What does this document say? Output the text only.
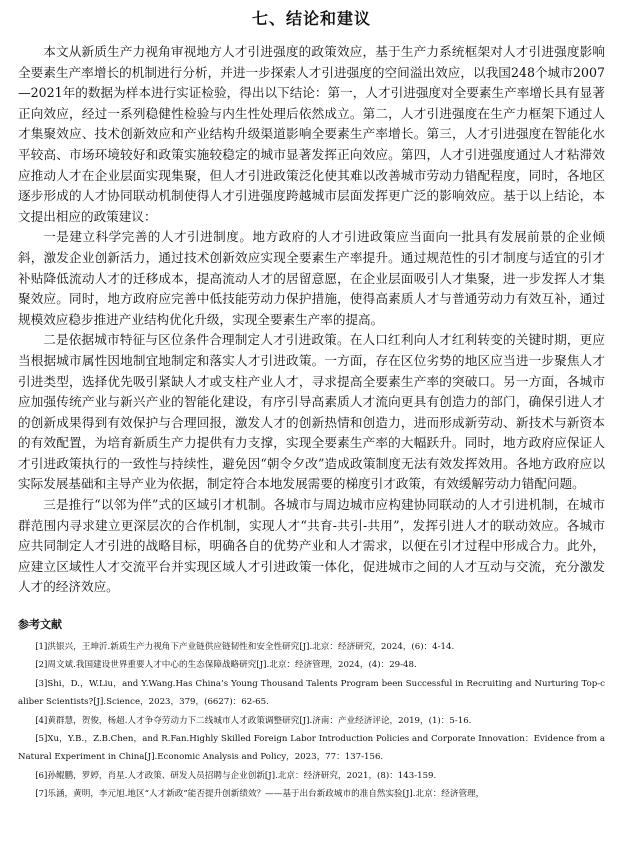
七、结论和建议

本文从新质生产力视角审视地方人才引进强度的政策效应，基于生产力系统框架对人才引进强度影响全要素生产率增长的机制进行分析，并进一步探索人才引进强度的空间溢出效应，以我国248个城市2007—2021年的数据为样本进行实证检验，得出以下结论：第一，人才引进强度对全要素生产率增长具有显著正向效应，经过一系列稳健性检验与内生性处理后依然成立。第二，人才引进强度在生产力框架下通过人才集聚效应、技术创新效应和产业结构升级渠道影响全要素生产率增长。第三，人才引进强度在智能化水平较高、市场环境较好和政策实施较稳定的城市显著发挥正向效应。第四，人才引进强度通过人才粘滞效应推动人才在企业层面实现集聚，但人才引进政策泛化使其难以改善城市劳动力错配程度，同时，各地区逐步形成的人才协同联动机制使得人才引进强度跨越城市层面发挥更广泛的影响效应。基于以上结论，本文提出相应的政策建议：

一是建立科学完善的人才引进制度。地方政府的人才引进政策应当面向一批具有发展前景的企业倾斜，激发企业创新活力，通过技术创新效应实现全要素生产率提升。通过规范性的引才制度与适宜的引才补贴降低流动人才的迁移成本，提高流动人才的居留意愿，在企业层面吸引人才集聚，进一步发挥人才集聚效应。同时，地方政府应完善中低技能劳动力保护措施，使得高素质人才与普通劳动力有效互补，通过规模效应稳步推进产业结构优化升级，实现全要素生产率的提高。

二是依据城市特征与区位条件合理制定人才引进政策。在人口红利向人才红利转变的关键时期，更应当根据城市属性因地制宜地制定和落实人才引进政策。一方面，存在区位劣势的地区应当进一步聚焦人才引进类型，选择优先吸引紧缺人才或支柱产业人才，寻求提高全要素生产率的突破口。另一方面，各城市应加强传统产业与新兴产业的智能化建设，有序引导高素质人才流向更具有创造力的部门，确保引进人才的创新成果得到有效保护与合理回报，激发人才的创新热情和创造力，进而形成新劳动、新技术与新资本的有效配置，为培育新质生产力提供有力支撑，实现全要素生产率的大幅跃升。同时，地方政府应保证人才引进政策执行的一致性与持续性，避免因“朝令夕改”造成政策制度无法有效发挥效用。各地方政府应以实际发展基础和主导产业为依据，制定符合本地发展需要的梯度引才政策，有效缓解劳动力错配问题。

三是推行“以邻为伴”式的区域引才机制。各城市与周边城市应构建协同联动的人才引进机制，在城市群范围内寻求建立更深层次的合作机制，实现人才“共育-共引-共用”，发挥引进人才的联动效应。各城市应共同制定人才引进的战略目标，明确各自的优势产业和人才需求，以便在引才过程中形成合力。此外，应建立区域性人才交流平台并实现区域人才引进政策一体化，促进城市之间的人才互动与交流，充分激发人才的经济效应。

参考文献

[1]洪银兴，王坤沂.新质生产力视角下产业链供应链韧性和安全性研究[J].北京：经济研究，2024，(6)：4-14.

[2]周文斌.我国建设世界重要人才中心的生态保障战略研究[J].北京：经济管理，2024，(4)：29-48.

[3]Shi，D.，W.Liu，and Y.Wang.Has China’s Young Thousand Talents Program been Successful in Recruiting and Nurturing Top-caliber Scientists?[J].Science，2023，379，(6627)：62-65.

[4]黄群慧，贺俊，杨超.人才争夺劳动力下二线城市人才政策调整研究[J].济南：产业经济评论，2019，(1)：5-16.

[5]Xu，Y.B.，Z.B.Chen，and R.Fan.Highly Skilled Foreign Labor Introduction Policies and Corporate Innovation：Evidence from a Natural Experiment in China[J].Economic Analysis and Policy，2023，77：137-156.

[6]孙鲲鹏，罗婷，肖星.人才政策、研发人员招聘与企业创新[J].北京：经济研究，2021，(8)：143-159.

[7]乐涵，黄明，李元旭.地区“人才新政”能否提升创新绩效？——基于出台新政城市的准自然实验[J].北京：经济管理，
